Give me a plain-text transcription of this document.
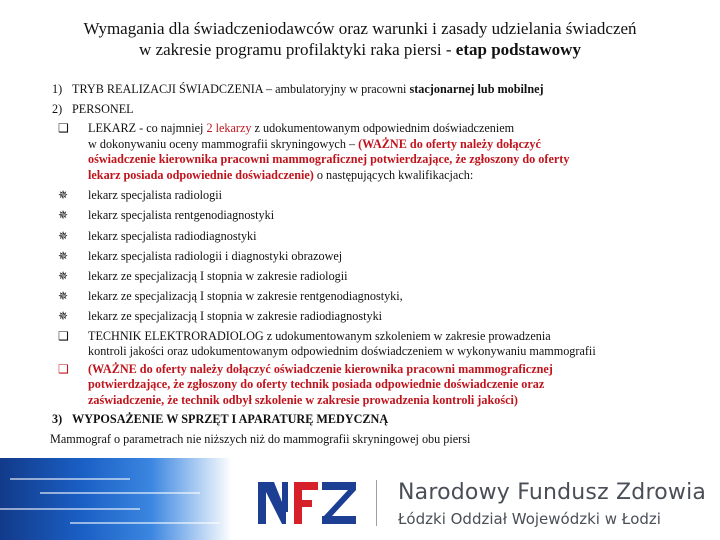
Wymagania dla świadczeniodawców oraz warunki i zasady udzielania świadczeń
w zakresie programu profilaktyki raka piersi - etap podstawowy
1) TRYB REALIZACJI ŚWIADCZENIA – ambulatoryjny w pracowni stacjonarnej lub mobilnej
2) PERSONEL
❑ LEKARZ - co najmniej 2 lekarzy z udokumentowanym odpowiednim doświadczeniem
w dokonywaniu oceny mammografii skryningowych – (WAŻNE do oferty należy dołączyć
oświadczenie kierownika pracowni mammograficznej potwierdzające, że zgłoszony do oferty
lekarz posiada odpowiednie doświadczenie) o następujących kwalifikacjach:
✵ lekarz specjalista radiologii
✵ lekarz specjalista rentgenodiagnostyki
✵ lekarz specjalista radiodiagnostyki
✵ lekarz specjalista radiologii i diagnostyki obrazowej
✵ lekarz ze specjalizacją I stopnia w zakresie radiologii
✵ lekarz ze specjalizacją I stopnia w zakresie rentgenodiagnostyki,
✵ lekarz ze specjalizacją I stopnia w zakresie radiodiagnostyki
❑ TECHNIK ELEKTRORADIOLOG z udokumentowanym szkoleniem w zakresie prowadzenia
kontroli jakości oraz udokumentowanym odpowiednim doświadczeniem w wykonywaniu mammografii
❑ (WAŻNE do oferty należy dołączyć oświadczenie kierownika pracowni mammograficznej
potwierdzające, że zgłoszony do oferty technik posiada odpowiednie doświadczenie oraz
zaświadczenie, że technik odbył szkolenie w zakresie prowadzenia kontroli jakości)
3) WYPOSAŻENIE W SPRZĘT I APARATURĘ MEDYCZNĄ
Mammograf o parametrach nie niższych niż do mammografii skryningowej obu piersi
Narodowy Fundusz Zdrowia
Łódzki Oddział Wojewódzki w Łodzi
